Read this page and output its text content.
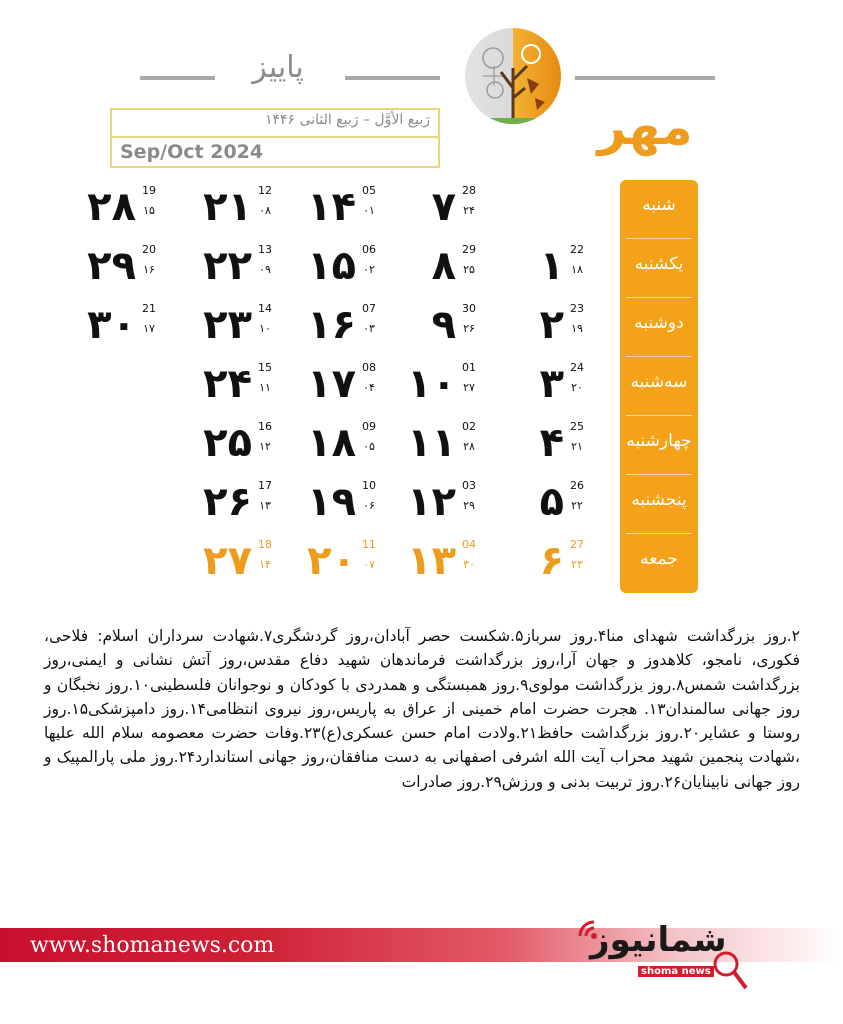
پاییز
مهر
رَبیع الأوَّل – رَبیع الثانی ۱۴۴۶
Sep/Oct 2024
شنبه
یکشنبه
دوشنبه
سه‌شنبه
چهارشنبه
پنجشنبه
جمعه
۱ 22
۱۸
۲ 23
۱۹
۳ 24
۲۰
۴ 25
۲۱
۵ 26
۲۲
۶ 27
۲۳
۷ 28
۲۴
۸ 29
۲۵
۹ 30
۲۶
۱۰ 01
۲۷
۱۱ 02
۲۸
۱۲ 03
۲۹
۱۳ 04
۳۰
۱۴ 05
۰۱
۱۵ 06
۰۲
۱۶ 07
۰۳
۱۷ 08
۰۴
۱۸ 09
۰۵
۱۹ 10
۰۶
۲۰ 11
۰۷
۲۱ 12
۰۸
۲۲ 13
۰۹
۲۳ 14
۱۰
۲۴ 15
۱۱
۲۵ 16
۱۲
۲۶ 17
۱۳
۲۷ 18
۱۴
۲۸ 19
۱۵
۲۹ 20
۱۶
۳۰ 21
۱۷
۲.روز بزرگداشت شهدای منا۴.روز سرباز۵.شکست حصر آبادان،روز گردشگری۷.شهادت سرداران اسلام: فلاحی، فکوری، نامجو، کلاهدوز و جهان آرا،روز بزرگداشت فرماندهان شهید دفاع مقدس،روز آتش نشانی و ایمنی،روز بزرگداشت شمس۸.روز بزرگداشت مولوی۹.روز همبستگی و همدردی با کودکان و نوجوانان فلسطینی۱۰.روز نخبگان و روز جهانی سالمندان۱۳. هجرت حضرت امام خمینی از عراق به پاریس،روز نیروی انتظامی۱۴.روز دامپزشکی۱۵.روز روستا و عشایر۲۰.روز بزرگداشت حافظ۲۱.ولادت امام حسن عسکری(ع)۲۳.وفات حضرت معصومه سلام الله علیها ،شهادت پنجمین شهید محراب آیت الله اشرفی اصفهانی به دست منافقان،روز جهانی استاندارد۲۴.روز ملی پارالمپیک و روز جهانی نابینایان۲۶.روز تربیت بدنی و ورزش۲۹.روز صادرات
www.shomanews.com	شمانیوز
shoma news
